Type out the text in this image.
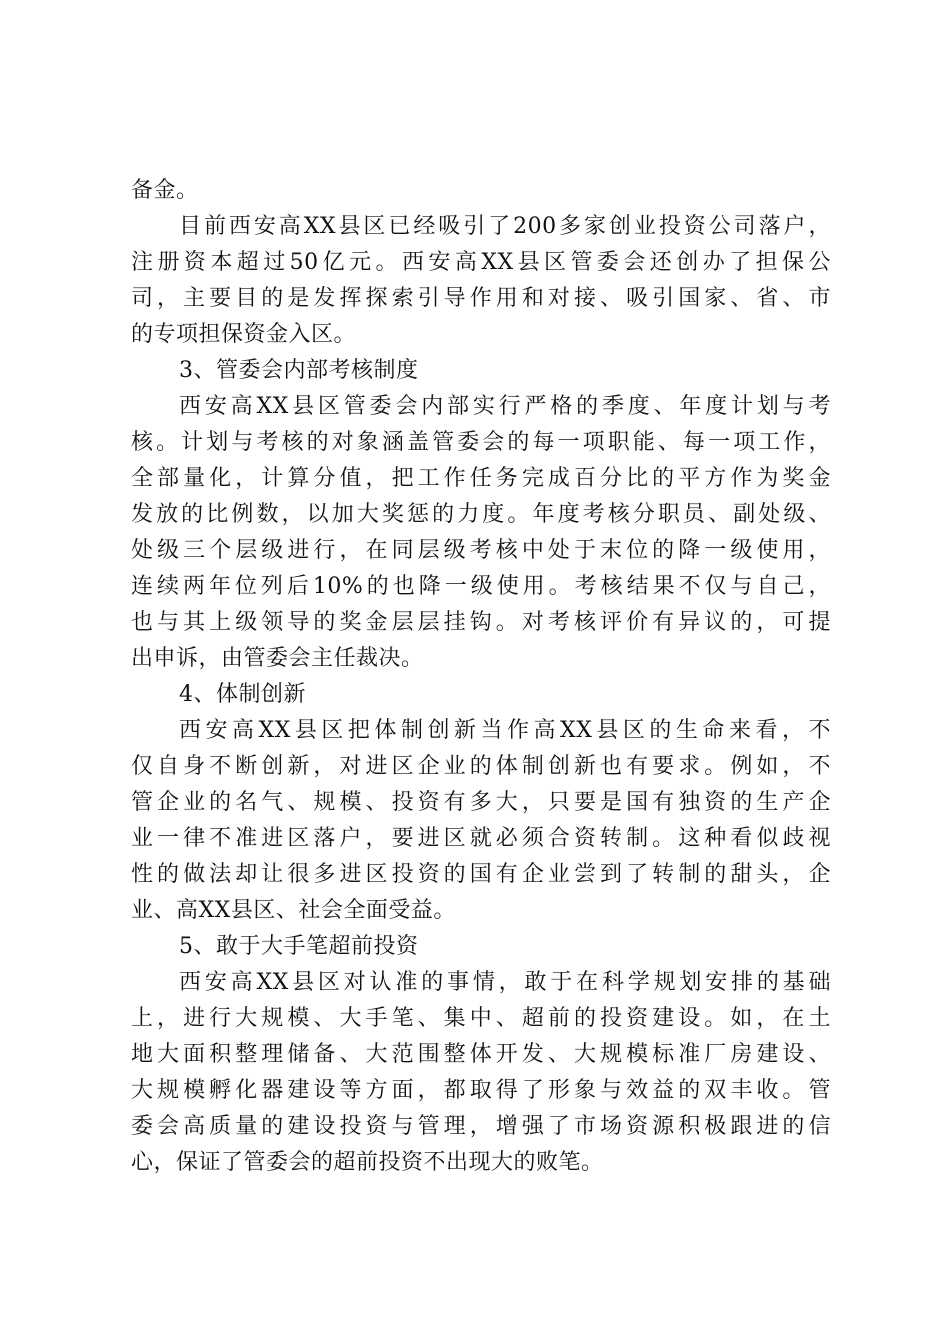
备金。
目前西安高XX县区已经吸引了200多家创业投资公司落户，
注册资本超过50亿元。西安高XX县区管委会还创办了担保公
司，主要目的是发挥探索引导作用和对接、吸引国家、省、市
的专项担保资金入区。
3、管委会内部考核制度
西安高XX县区管委会内部实行严格的季度、年度计划与考
核。计划与考核的对象涵盖管委会的每一项职能、每一项工作，
全部量化，计算分值，把工作任务完成百分比的平方作为奖金
发放的比例数，以加大奖惩的力度。年度考核分职员、副处级、
处级三个层级进行，在同层级考核中处于末位的降一级使用，
连续两年位列后10%的也降一级使用。考核结果不仅与自己，
也与其上级领导的奖金层层挂钩。对考核评价有异议的，可提
出申诉，由管委会主任裁决。
4、体制创新
西安高XX县区把体制创新当作高XX县区的生命来看，不
仅自身不断创新，对进区企业的体制创新也有要求。例如，不
管企业的名气、规模、投资有多大，只要是国有独资的生产企
业一律不准进区落户，要进区就必须合资转制。这种看似歧视
性的做法却让很多进区投资的国有企业尝到了转制的甜头，企
业、高XX县区、社会全面受益。
5、敢于大手笔超前投资
西安高XX县区对认准的事情，敢于在科学规划安排的基础
上，进行大规模、大手笔、集中、超前的投资建设。如，在土
地大面积整理储备、大范围整体开发、大规模标准厂房建设、
大规模孵化器建设等方面，都取得了形象与效益的双丰收。管
委会高质量的建设投资与管理，增强了市场资源积极跟进的信
心，保证了管委会的超前投资不出现大的败笔。
